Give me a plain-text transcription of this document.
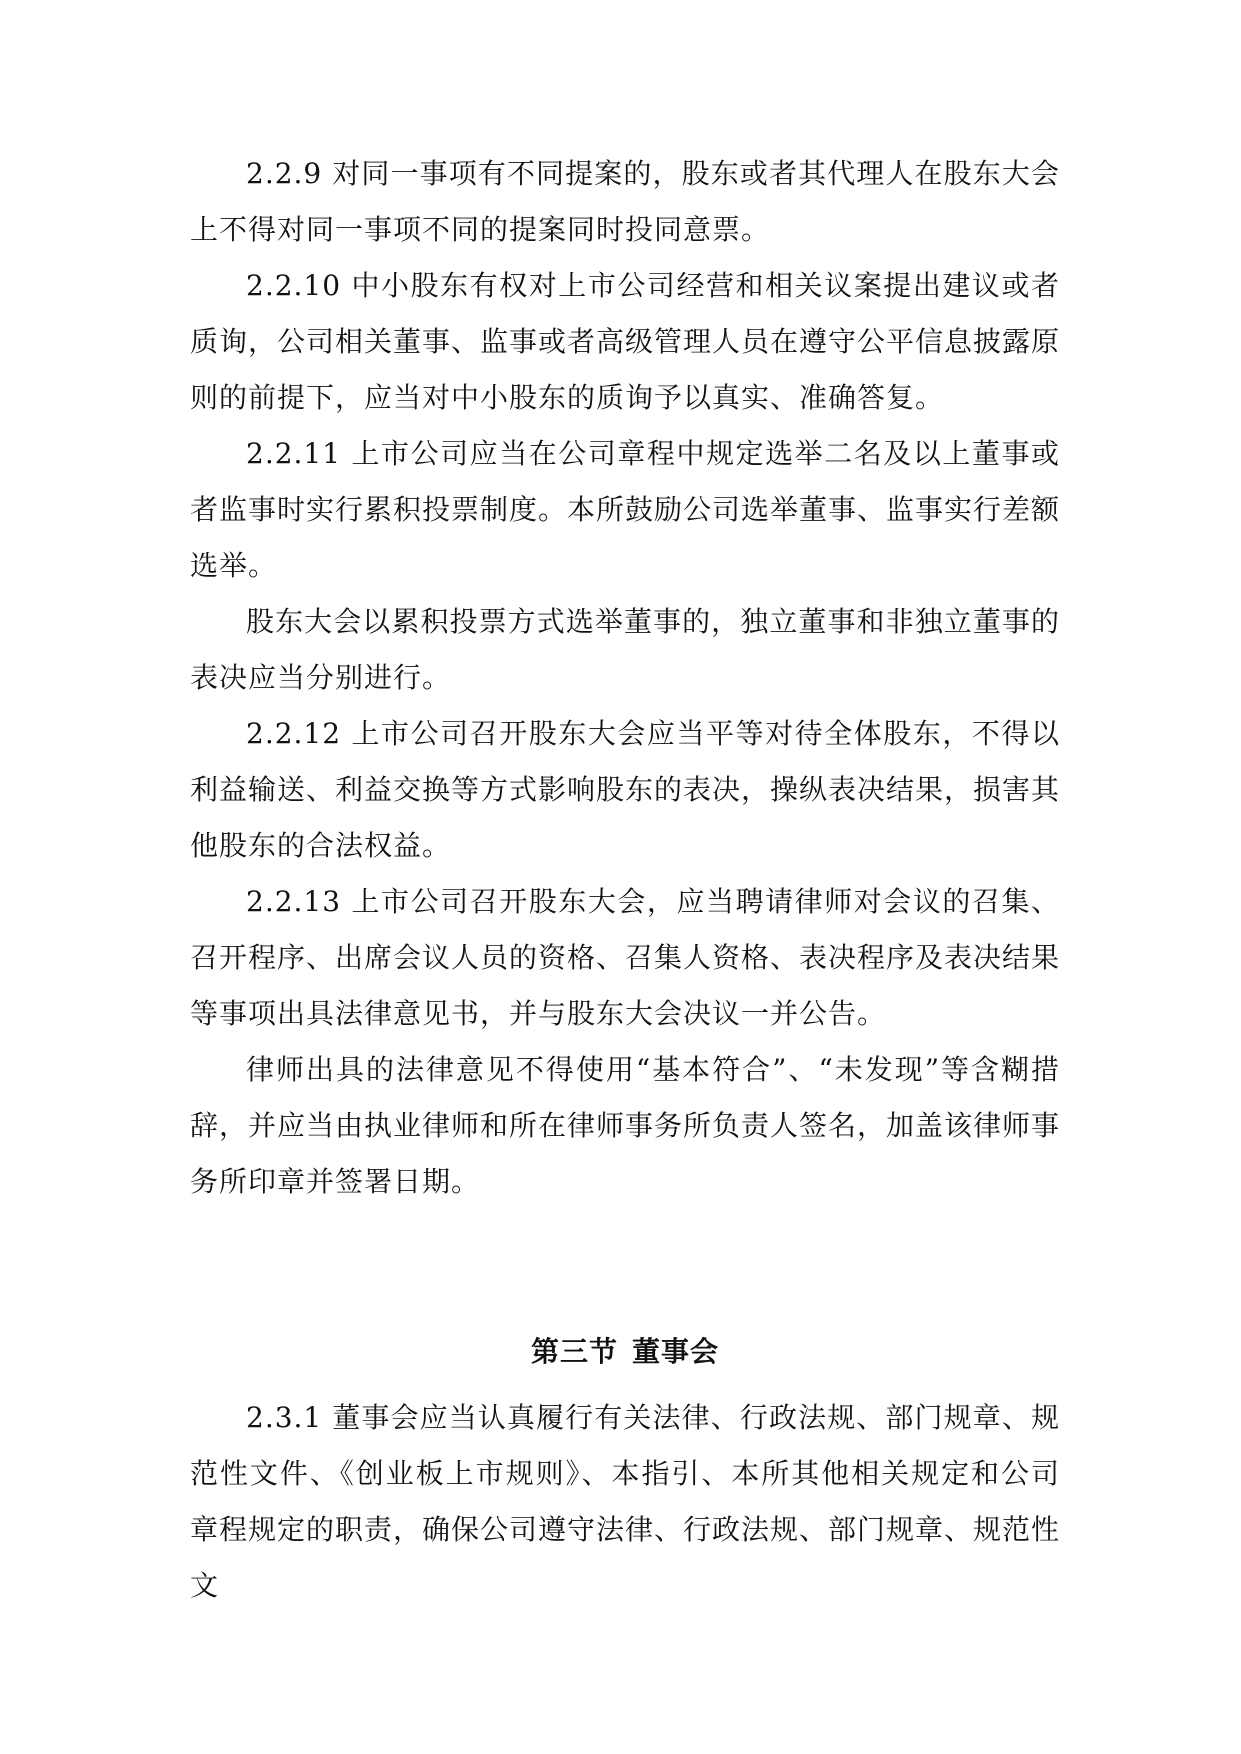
2.2.9 对同一事项有不同提案的，股东或者其代理人在股东大会上不得对同一事项不同的提案同时投同意票。

2.2.10 中小股东有权对上市公司经营和相关议案提出建议或者质询，公司相关董事、监事或者高级管理人员在遵守公平信息披露原则的前提下，应当对中小股东的质询予以真实、准确答复。

2.2.11 上市公司应当在公司章程中规定选举二名及以上董事或者监事时实行累积投票制度。本所鼓励公司选举董事、监事实行差额选举。

股东大会以累积投票方式选举董事的，独立董事和非独立董事的表决应当分别进行。

2.2.12 上市公司召开股东大会应当平等对待全体股东，不得以利益输送、利益交换等方式影响股东的表决，操纵表决结果，损害其他股东的合法权益。

2.2.13 上市公司召开股东大会，应当聘请律师对会议的召集、召开程序、出席会议人员的资格、召集人资格、表决程序及表决结果等事项出具法律意见书，并与股东大会决议一并公告。

律师出具的法律意见不得使用“基本符合”、“未发现”等含糊措辞，并应当由执业律师和所在律师事务所负责人签名，加盖该律师事务所印章并签署日期。

第三节 董事会

2.3.1 董事会应当认真履行有关法律、行政法规、部门规章、规范性文件、《创业板上市规则》、本指引、本所其他相关规定和公司章程规定的职责，确保公司遵守法律、行政法规、部门规章、规范性文
